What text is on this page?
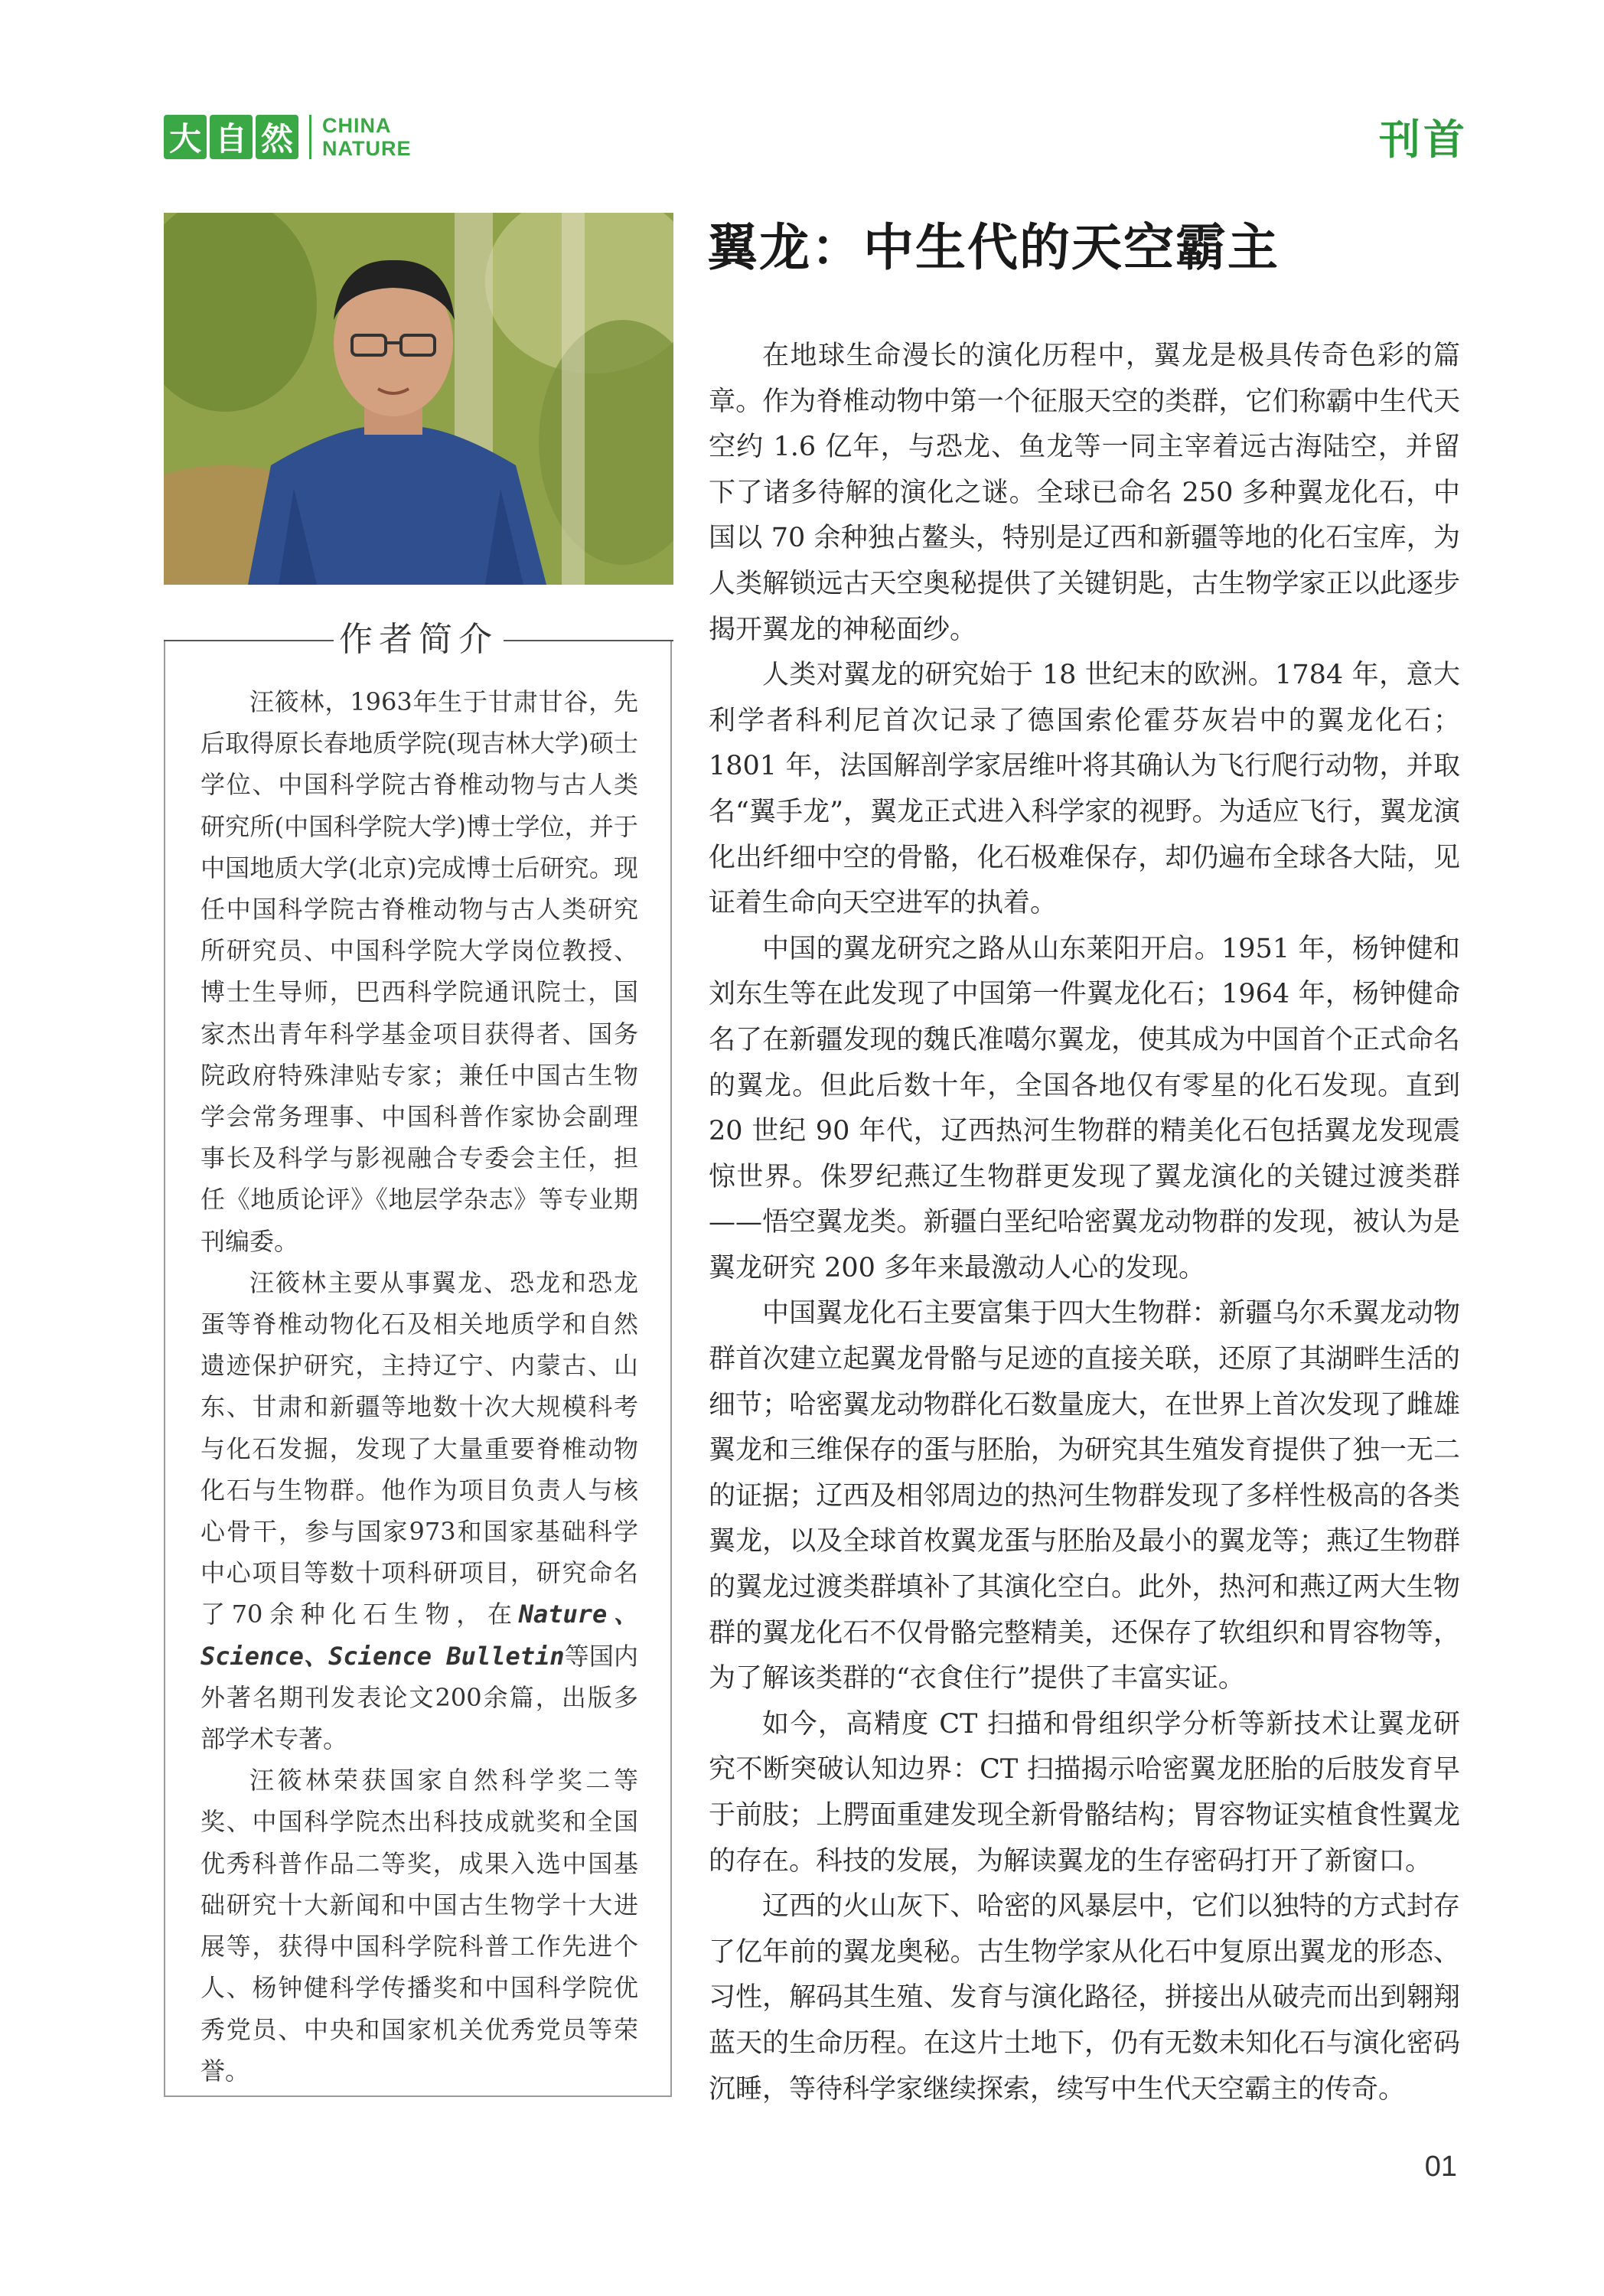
大 自 然 CHINA
NATURE	刊首
作者简介

汪筱林，1963年生于甘肃甘谷，先后取得原长春地质学院(现吉林大学)硕士学位、中国科学院古脊椎动物与古人类研究所(中国科学院大学)博士学位，并于中国地质大学(北京)完成博士后研究。现任中国科学院古脊椎动物与古人类研究所研究员、中国科学院大学岗位教授、博士生导师，巴西科学院通讯院士，国家杰出青年科学基金项目获得者、国务院政府特殊津贴专家；兼任中国古生物学会常务理事、中国科普作家协会副理事长及科学与影视融合专委会主任，担任《地质论评》《地层学杂志》等专业期刊编委。

汪筱林主要从事翼龙、恐龙和恐龙蛋等脊椎动物化石及相关地质学和自然遗迹保护研究，主持辽宁、内蒙古、山东、甘肃和新疆等地数十次大规模科考与化石发掘，发现了大量重要脊椎动物化石与生物群。他作为项目负责人与核心骨干，参与国家973和国家基础科学中心项目等数十项科研项目，研究命名了70余种化石生物，在Nature、Science、Science Bulletin等国内外著名期刊发表论文200余篇，出版多部学术专著。

汪筱林荣获国家自然科学奖二等奖、中国科学院杰出科技成就奖和全国优秀科普作品二等奖，成果入选中国基础研究十大新闻和中国古生物学十大进展等，获得中国科学院科普工作先进个人、杨钟健科学传播奖和中国科学院优秀党员、中央和国家机关优秀党员等荣誉。

翼龙：中生代的天空霸主

在地球生命漫长的演化历程中，翼龙是极具传奇色彩的篇章。作为脊椎动物中第一个征服天空的类群，它们称霸中生代天空约 1.6 亿年，与恐龙、鱼龙等一同主宰着远古海陆空，并留下了诸多待解的演化之谜。全球已命名 250 多种翼龙化石，中国以 70 余种独占鳌头，特别是辽西和新疆等地的化石宝库，为人类解锁远古天空奥秘提供了关键钥匙，古生物学家正以此逐步揭开翼龙的神秘面纱。

人类对翼龙的研究始于 18 世纪末的欧洲。1784 年，意大利学者科利尼首次记录了德国索伦霍芬灰岩中的翼龙化石；1801 年，法国解剖学家居维叶将其确认为飞行爬行动物，并取名“翼手龙”，翼龙正式进入科学家的视野。为适应飞行，翼龙演化出纤细中空的骨骼，化石极难保存，却仍遍布全球各大陆，见证着生命向天空进军的执着。

中国的翼龙研究之路从山东莱阳开启。1951 年，杨钟健和刘东生等在此发现了中国第一件翼龙化石；1964 年，杨钟健命名了在新疆发现的魏氏准噶尔翼龙，使其成为中国首个正式命名的翼龙。但此后数十年，全国各地仅有零星的化石发现。直到 20 世纪 90 年代，辽西热河生物群的精美化石包括翼龙发现震惊世界。侏罗纪燕辽生物群更发现了翼龙演化的关键过渡类群——悟空翼龙类。新疆白垩纪哈密翼龙动物群的发现，被认为是翼龙研究 200 多年来最激动人心的发现。

中国翼龙化石主要富集于四大生物群：新疆乌尔禾翼龙动物群首次建立起翼龙骨骼与足迹的直接关联，还原了其湖畔生活的细节；哈密翼龙动物群化石数量庞大，在世界上首次发现了雌雄翼龙和三维保存的蛋与胚胎，为研究其生殖发育提供了独一无二的证据；辽西及相邻周边的热河生物群发现了多样性极高的各类翼龙，以及全球首枚翼龙蛋与胚胎及最小的翼龙等；燕辽生物群的翼龙过渡类群填补了其演化空白。此外，热河和燕辽两大生物群的翼龙化石不仅骨骼完整精美，还保存了软组织和胃容物等，为了解该类群的“衣食住行”提供了丰富实证。

如今，高精度 CT 扫描和骨组织学分析等新技术让翼龙研究不断突破认知边界：CT 扫描揭示哈密翼龙胚胎的后肢发育早于前肢；上腭面重建发现全新骨骼结构；胃容物证实植食性翼龙的存在。科技的发展，为解读翼龙的生存密码打开了新窗口。

辽西的火山灰下、哈密的风暴层中，它们以独特的方式封存了亿年前的翼龙奥秘。古生物学家从化石中复原出翼龙的形态、习性，解码其生殖、发育与演化路径，拼接出从破壳而出到翱翔蓝天的生命历程。在这片土地下，仍有无数未知化石与演化密码沉睡，等待科学家继续探索，续写中生代天空霸主的传奇。

01
